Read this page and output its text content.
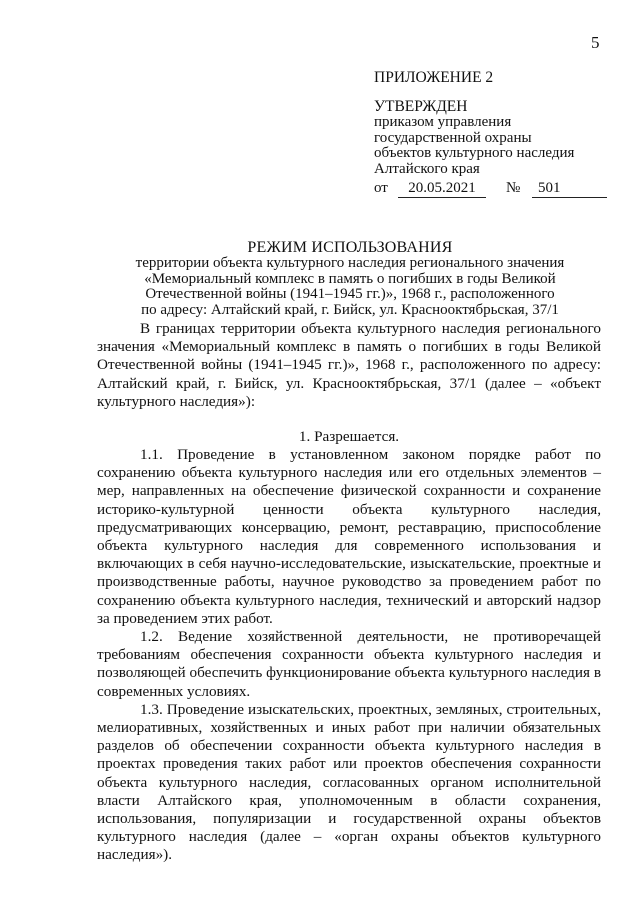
5
ПРИЛОЖЕНИЕ 2
УТВЕРЖДЕН
приказом управления
государственной охраны
объектов культурного наследия
Алтайского края
от 20.05.2021 № 501
РЕЖИМ ИСПОЛЬЗОВАНИЯ
территории объекта культурного наследия регионального значения
«Мемориальный комплекс в память о погибших в годы Великой
Отечественной войны (1941–1945 гг.)», 1968 г., расположенного
по адресу: Алтайский край, г. Бийск, ул. Краснооктябрьская, 37/1

В границах территории объекта культурного наследия регионального значения «Мемориальный комплекс в память о погибших в годы Великой Отечественной войны (1941–1945 гг.)», 1968 г., расположенного по адресу: Алтайский край, г. Бийск, ул. Краснооктябрьская, 37/1 (далее – «объект культурного наследия»):

1. Разрешается.

1.1. Проведение в установленном законом порядке работ по сохранению объекта культурного наследия или его отдельных элементов – мер, направленных на обеспечение физической сохранности и сохранение историко-культурной ценности объекта культурного наследия, предусматривающих консервацию, ремонт, реставрацию, приспособление объекта культурного наследия для современного использования и включающих в себя научно-исследовательские, изыскательские, проектные и производственные работы, научное руководство за проведением работ по сохранению объекта культурного наследия, технический и авторский надзор за проведением этих работ.

1.2. Ведение хозяйственной деятельности, не противоречащей требованиям обеспечения сохранности объекта культурного наследия и позволяющей обеспечить функционирование объекта культурного наследия в современных условиях.

1.3. Проведение изыскательских, проектных, земляных, строительных, мелиоративных, хозяйственных и иных работ при наличии обязательных разделов об обеспечении сохранности объекта культурного наследия в проектах проведения таких работ или проектов обеспечения сохранности объекта культурного наследия, согласованных органом исполнительной власти Алтайского края, уполномоченным в области сохранения, использования, популяризации и государственной охраны объектов культурного наследия (далее – «орган охраны объектов культурного наследия»).
